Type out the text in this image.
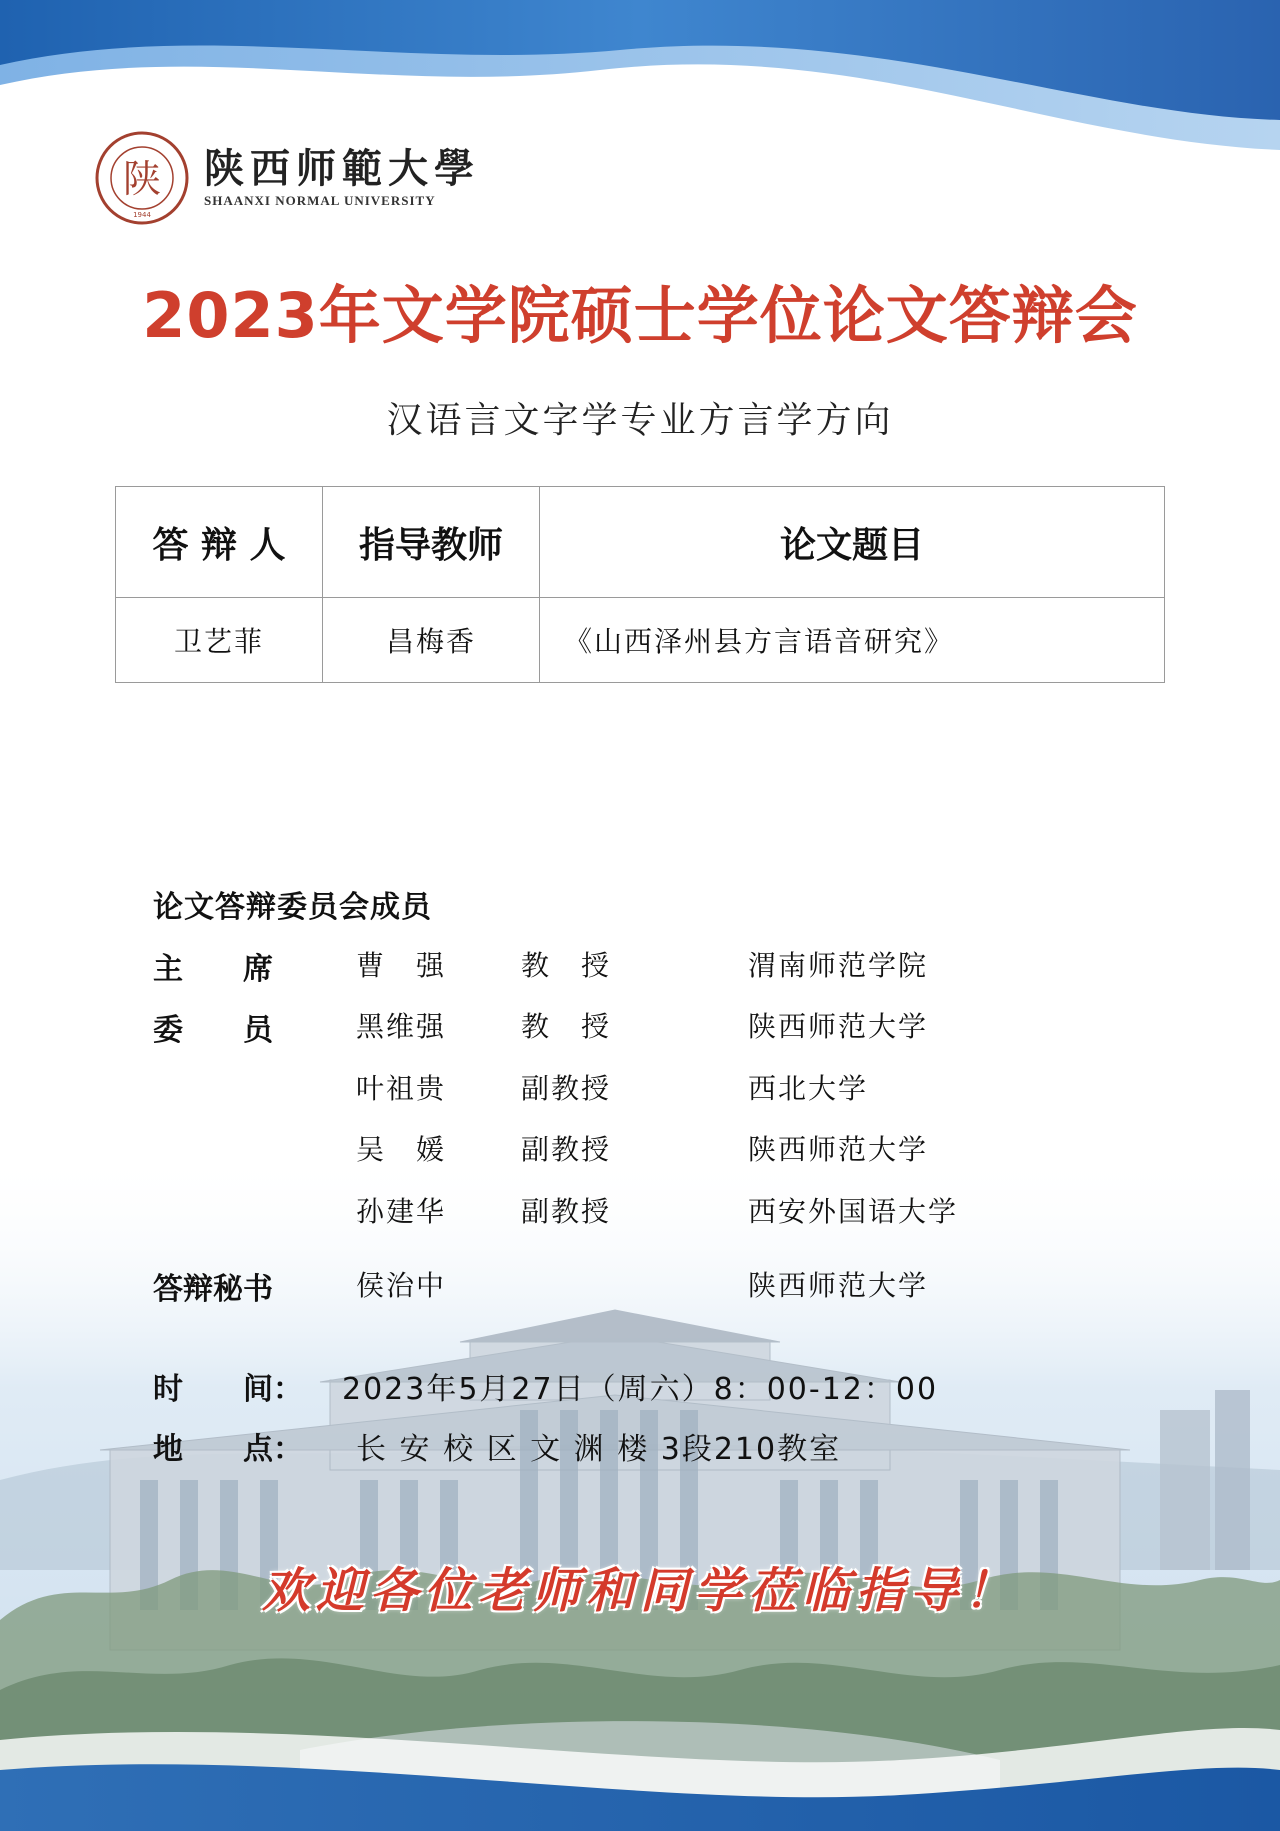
陕
1944
陕西师範大學
SHAANXI NORMAL UNIVERSITY
2023年文学院硕士学位论文答辩会
汉语言文字学专业方言学方向
答 辩 人	指导教师	论文题目
卫艺菲	昌梅香	《山西泽州县方言语音研究》
论文答辩委员会成员
主　　席	曹　强	教　授	渭南师范学院
委　　员	黑维强	教　授	陕西师范大学
叶祖贵	副教授	西北大学
吴　媛	副教授	陕西师范大学
孙建华	副教授	西安外国语大学
答辩秘书	侯治中	陕西师范大学
时　　间： 2023年5月27日（周六）8：00-12：00
地　　点： 长 安 校 区 文 渊 楼 3段210教室
欢迎各位老师和同学莅临指导！
